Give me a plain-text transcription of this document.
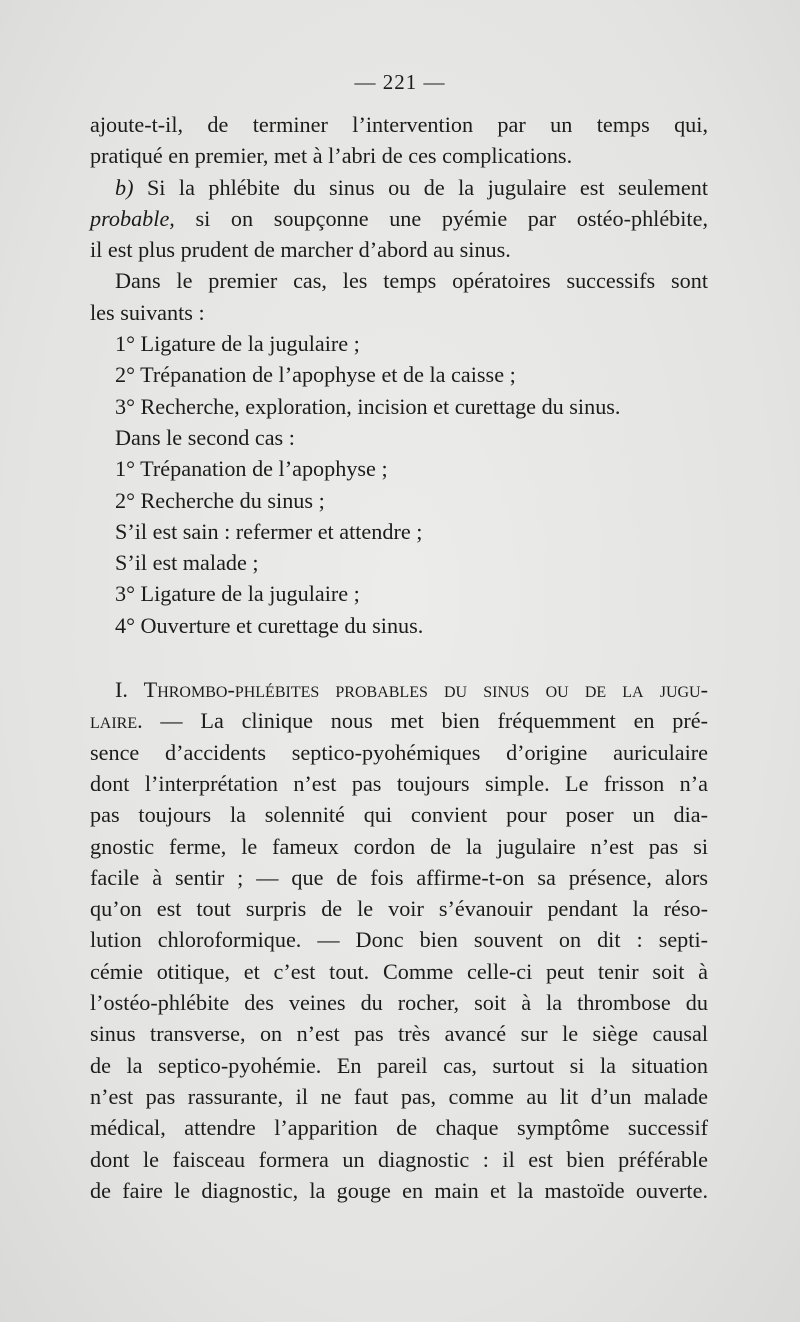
— 221 —
ajoute-t-il, de terminer l’intervention par un temps qui,
pratiqué en premier, met à l’abri de ces complications.
b) Si la phlébite du sinus ou de la jugulaire est seulement
probable, si on soupçonne une pyémie par ostéo-phlébite,
il est plus prudent de marcher d’abord au sinus.
Dans le premier cas, les temps opératoires successifs sont
les suivants :
1° Ligature de la jugulaire ;
2° Trépanation de l’apophyse et de la caisse ;
3° Recherche, exploration, incision et curettage du sinus.
Dans le second cas :
1° Trépanation de l’apophyse ;
2° Recherche du sinus ;
S’il est sain : refermer et attendre ;
S’il est malade ;
3° Ligature de la jugulaire ;
4° Ouverture et curettage du sinus.
I. Thrombo-phlébites probables du sinus ou de la jugu-
laire. — La clinique nous met bien fréquemment en pré-
sence d’accidents septico-pyohémiques d’origine auriculaire
dont l’interprétation n’est pas toujours simple. Le frisson n’a
pas toujours la solennité qui convient pour poser un dia-
gnostic ferme, le fameux cordon de la jugulaire n’est pas si
facile à sentir ; — que de fois affirme-t-on sa présence, alors
qu’on est tout surpris de le voir s’évanouir pendant la réso-
lution chloroformique. — Donc bien souvent on dit : septi-
cémie otitique, et c’est tout. Comme celle-ci peut tenir soit à
l’ostéo-phlébite des veines du rocher, soit à la thrombose du
sinus transverse, on n’est pas très avancé sur le siège causal
de la septico-pyohémie. En pareil cas, surtout si la situation
n’est pas rassurante, il ne faut pas, comme au lit d’un malade
médical, attendre l’apparition de chaque symptôme successif
dont le faisceau formera un diagnostic : il est bien préférable
de faire le diagnostic, la gouge en main et la mastoïde ouverte.
